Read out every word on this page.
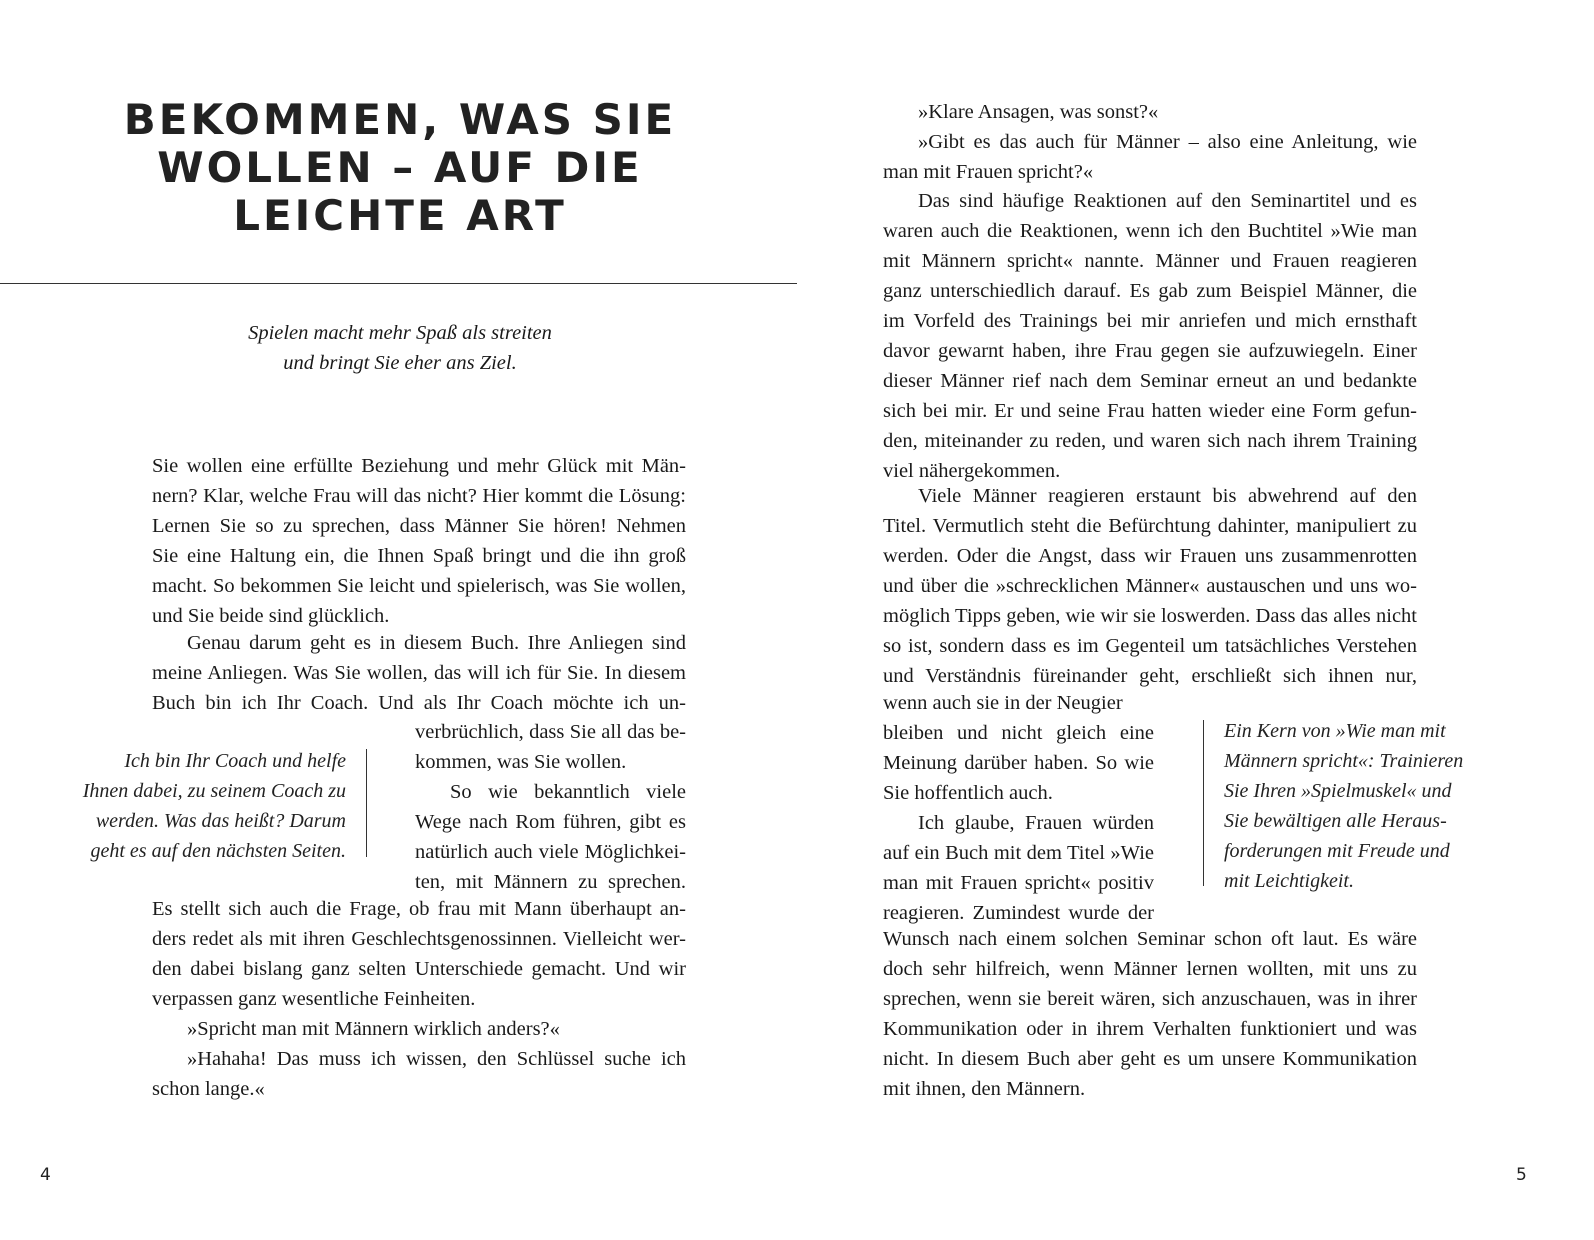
BEKOMMEN, WAS SIE
WOLLEN – AUF DIE
LEICHTE ART
Spielen macht mehr Spaß als streiten
und bringt Sie eher ans Ziel.
Sie wollen eine erfüllte Beziehung und mehr Glück mit Män-
nern? Klar, welche Frau will das nicht? Hier kommt die Lösung:
Lernen Sie so zu sprechen, dass Männer Sie hören! Nehmen
Sie eine Haltung ein, die Ihnen Spaß bringt und die ihn groß
macht. So bekommen Sie leicht und spielerisch, was Sie wollen,
und Sie beide sind glücklich.
Genau darum geht es in diesem Buch. Ihre Anliegen sind
meine Anliegen. Was Sie wollen, das will ich für Sie. In diesem
Buch bin ich Ihr Coach. Und als Ihr Coach möchte ich un-
verbrüchlich, dass Sie all das be-
kommen, was Sie wollen.
So wie bekanntlich viele
Wege nach Rom führen, gibt es
natürlich auch viele Möglichkei-
ten, mit Männern zu sprechen.
Ich bin Ihr Coach und helfe
Ihnen dabei, zu seinem Coach zu
werden. Was das heißt? Darum
geht es auf den nächsten Seiten.
Es stellt sich auch die Frage, ob frau mit Mann überhaupt an-
ders redet als mit ihren Geschlechtsgenossinnen. Vielleicht wer-
den dabei bislang ganz selten Unterschiede gemacht. Und wir
verpassen ganz wesentliche Feinheiten.
»Spricht man mit Männern wirklich anders?«
»Hahaha! Das muss ich wissen, den Schlüssel suche ich
schon lange.«
4
»Klare Ansagen, was sonst?«
»Gibt es das auch für Männer – also eine Anleitung, wie
man mit Frauen spricht?«
Das sind häufige Reaktionen auf den Seminartitel und es
waren auch die Reaktionen, wenn ich den Buchtitel »Wie man
mit Männern spricht« nannte. Männer und Frauen reagieren
ganz unterschiedlich darauf. Es gab zum Beispiel Männer, die
im Vorfeld des Trainings bei mir anriefen und mich ernsthaft
davor gewarnt haben, ihre Frau gegen sie aufzuwiegeln. Einer
dieser Männer rief nach dem Seminar erneut an und bedankte
sich bei mir. Er und seine Frau hatten wieder eine Form gefun-
den, miteinander zu reden, und waren sich nach ihrem Training
viel nähergekommen.
Viele Männer reagieren erstaunt bis abwehrend auf den
Titel. Vermutlich steht die Befürchtung dahinter, manipuliert zu
werden. Oder die Angst, dass wir Frauen uns zusammenrotten
und über die »schrecklichen Männer« austauschen und uns wo-
möglich Tipps geben, wie wir sie loswerden. Dass das alles nicht
so ist, sondern dass es im Gegenteil um tatsächliches Verstehen
und Verständnis füreinander geht, erschließt sich ihnen nur,
wenn auch sie in der Neugier
bleiben und nicht gleich eine
Meinung darüber haben. So wie
Sie hoffentlich auch.
Ich glaube, Frauen würden
auf ein Buch mit dem Titel »Wie
man mit Frauen spricht« positiv
reagieren. Zumindest wurde der
Ein Kern von »Wie man mit
Männern spricht«: Trainieren
Sie Ihren »Spielmuskel« und
Sie bewältigen alle Heraus-
forderungen mit Freude und
mit Leichtigkeit.
Wunsch nach einem solchen Seminar schon oft laut. Es wäre
doch sehr hilfreich, wenn Männer lernen wollten, mit uns zu
sprechen, wenn sie bereit wären, sich anzuschauen, was in ihrer
Kommunikation oder in ihrem Verhalten funktioniert und was
nicht. In diesem Buch aber geht es um unsere Kommunikation
mit ihnen, den Männern.
5
